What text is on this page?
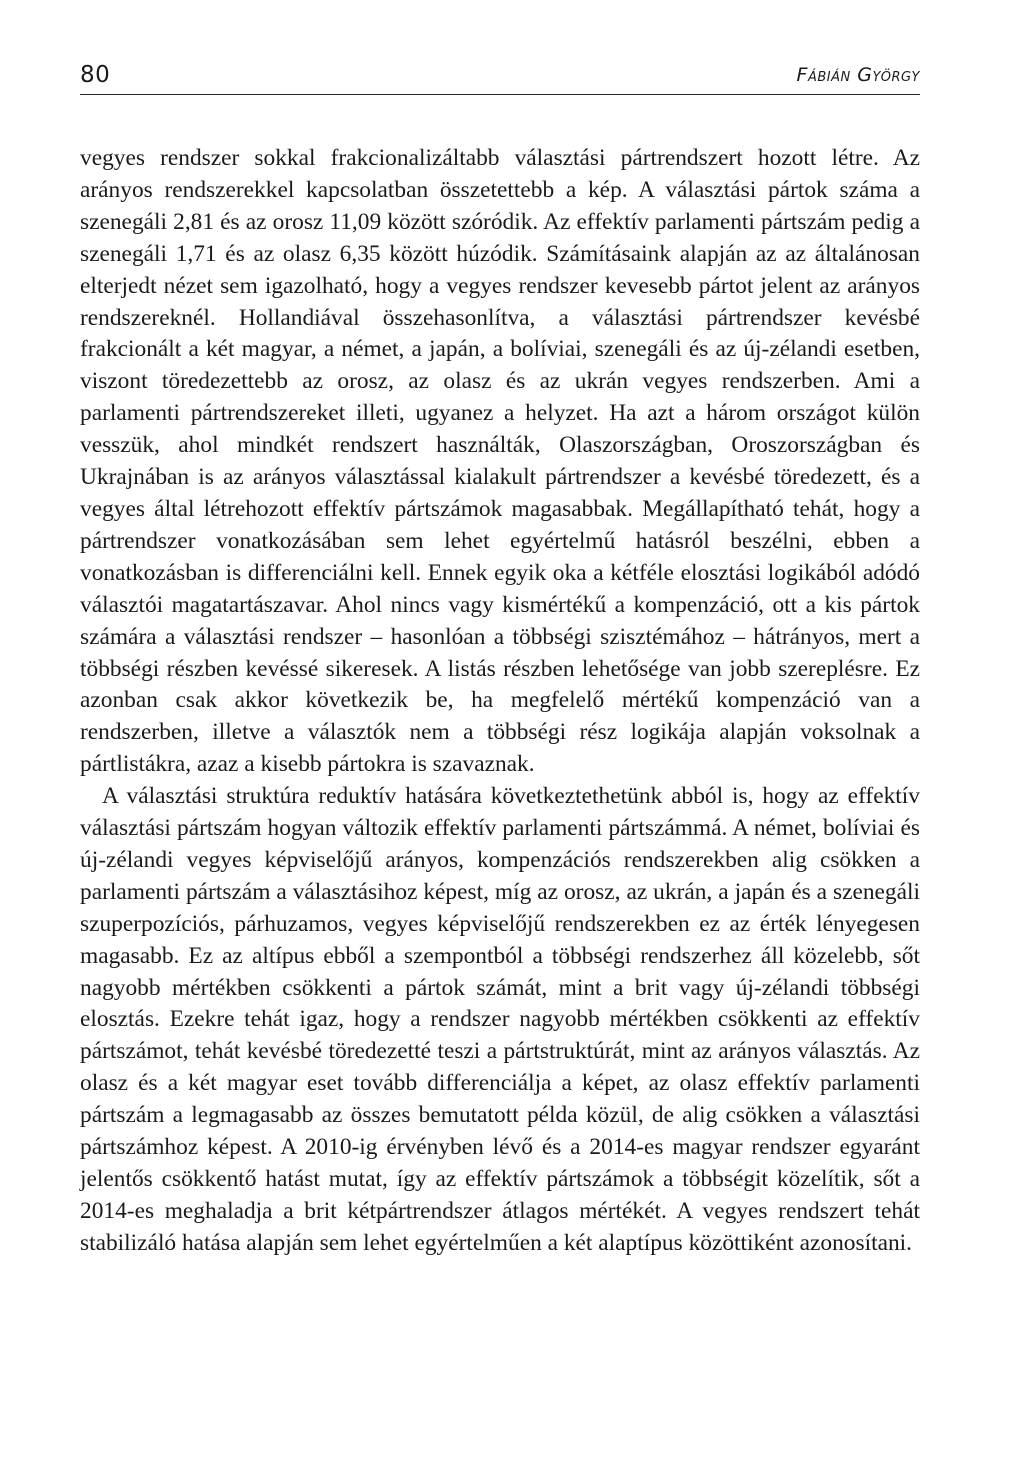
80	Fábián György

vegyes rendszer sokkal frakcionalizáltabb választási pártrendszert hozott létre. Az arányos rendszerekkel kapcsolatban összetettebb a kép. A választási pártok száma a szenegáli 2,81 és az orosz 11,09 között szóródik. Az effektív parlamenti pártszám pedig a szenegáli 1,71 és az olasz 6,35 között húzódik. Számításaink alapján az az általánosan elterjedt nézet sem igazolható, hogy a vegyes rendszer kevesebb pártot jelent az arányos rendszereknél. Hollandiával összehasonlítva, a választási pártrendszer kevésbé frakcionált a két magyar, a német, a japán, a bolíviai, szenegáli és az új-zélandi esetben, viszont töredezettebb az orosz, az olasz és az ukrán vegyes rendszerben. Ami a parlamenti pártrendszereket illeti, ugyanez a helyzet. Ha azt a három országot külön vesszük, ahol mindkét rendszert használták, Olaszországban, Oroszországban és Ukrajnában is az arányos választással kialakult pártrendszer a kevésbé töredezett, és a vegyes által létrehozott effektív pártszámok magasabbak. Megállapítható tehát, hogy a pártrendszer vonatkozásában sem lehet egyértelmű hatásról beszélni, ebben a vonatkozásban is differenciálni kell. Ennek egyik oka a kétféle elosztási logikából adódó választói magatartászavar. Ahol nincs vagy kismértékű a kompenzáció, ott a kis pártok számára a választási rendszer – hasonlóan a többségi szisztémához – hátrányos, mert a többségi részben kevéssé sikeresek. A listás részben lehetősége van jobb szereplésre. Ez azonban csak akkor következik be, ha megfelelő mértékű kompenzáció van a rendszerben, illetve a választók nem a többségi rész logikája alapján voksolnak a pártlistákra, azaz a kisebb pártokra is szavaznak.

A választási struktúra reduktív hatására következtethetünk abból is, hogy az effektív választási pártszám hogyan változik effektív parlamenti pártszámmá. A német, bolíviai és új-zélandi vegyes képviselőjű arányos, kompenzációs rendszerekben alig csökken a parlamenti pártszám a választásihoz képest, míg az orosz, az ukrán, a japán és a szenegáli szuperpozíciós, párhuzamos, vegyes képviselőjű rendszerekben ez az érték lényegesen magasabb. Ez az altípus ebből a szempontból a többségi rendszerhez áll közelebb, sőt nagyobb mértékben csökkenti a pártok számát, mint a brit vagy új-zélandi többségi elosztás. Ezekre tehát igaz, hogy a rendszer nagyobb mértékben csökkenti az effektív pártszámot, tehát kevésbé töredezetté teszi a pártstruktúrát, mint az arányos választás. Az olasz és a két magyar eset tovább differenciálja a képet, az olasz effektív parlamenti pártszám a legmagasabb az összes bemutatott példa közül, de alig csökken a választási pártszámhoz képest. A 2010-ig érvényben lévő és a 2014-es magyar rendszer egyaránt jelentős csökkentő hatást mutat, így az effektív pártszámok a többségit közelítik, sőt a 2014-es meghaladja a brit kétpártrendszer átlagos mértékét. A vegyes rendszert tehát stabilizáló hatása alapján sem lehet egyértelműen a két alaptípus közöttiként azonosítani.
